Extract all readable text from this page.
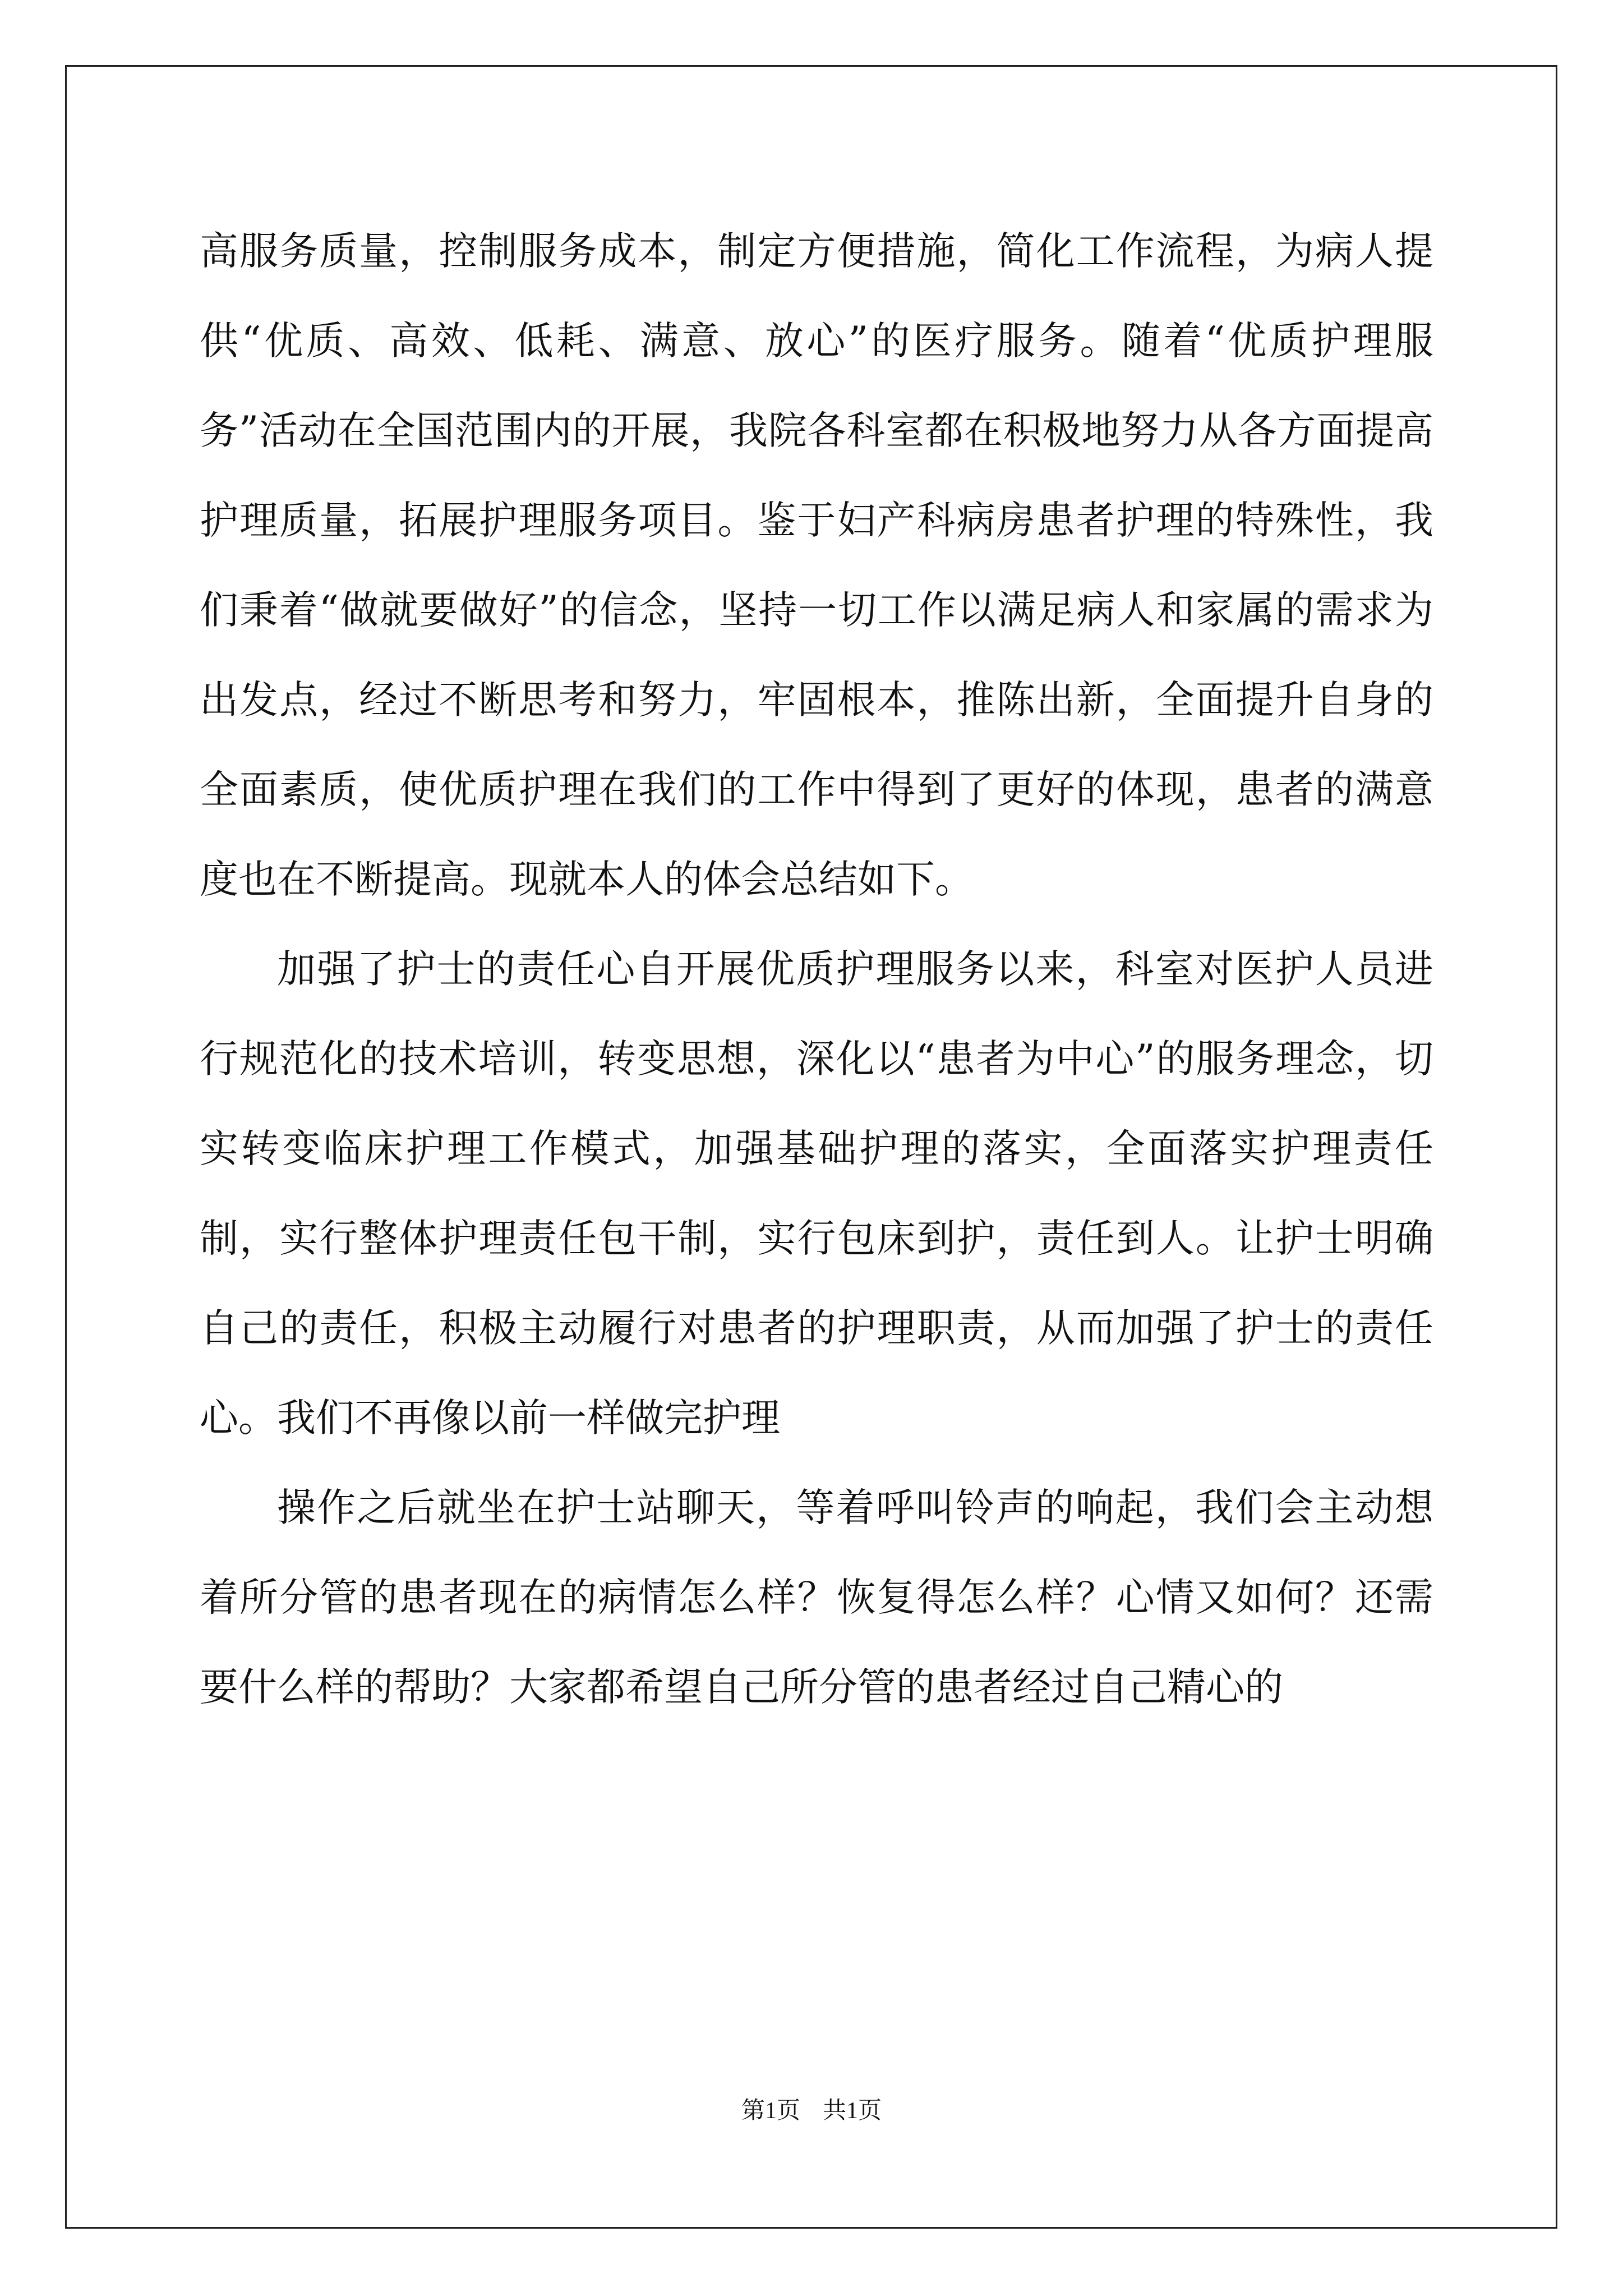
高服务质量，控制服务成本，制定方便措施，简化工作流程，为病人提供“优质、高效、低耗、满意、放心”的医疗服务。随着“优质护理服务”活动在全国范围内的开展，我院各科室都在积极地努力从各方面提高护理质量，拓展护理服务项目。鉴于妇产科病房患者护理的特殊性，我们秉着“做就要做好”的信念，坚持一切工作以满足病人和家属的需求为出发点，经过不断思考和努力，牢固根本，推陈出新，全面提升自身的全面素质，使优质护理在我们的工作中得到了更好的体现，患者的满意度也在不断提高。现就本人的体会总结如下。

加强了护士的责任心自开展优质护理服务以来，科室对医护人员进行规范化的技术培训，转变思想，深化以“患者为中心”的服务理念，切实转变临床护理工作模式，加强基础护理的落实，全面落实护理责任制，实行整体护理责任包干制，实行包床到护，责任到人。让护士明确自己的责任，积极主动履行对患者的护理职责，从而加强了护士的责任心。我们不再像以前一样做完护理

操作之后就坐在护士站聊天，等着呼叫铃声的响起，我们会主动想着所分管的患者现在的病情怎么样？恢复得怎么样？心情又如何？还需要什么样的帮助？大家都希望自己所分管的患者经过自己精心的

第1页 共1页
